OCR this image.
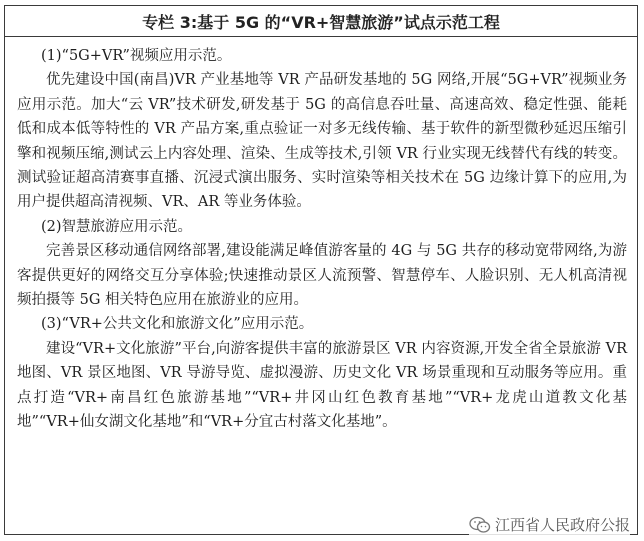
专栏 3:基于 5G 的“VR+智慧旅游”试点示范工程

(1)“5G+VR”视频应用示范。

优先建设中国(南昌)VR 产业基地等 VR 产品研发基地的 5G 网络,开展“5G+VR”视频业务应用示范。加大“云 VR”技术研发,研发基于 5G 的高信息吞吐量、高速高效、稳定性强、能耗低和成本低等特性的 VR 产品方案,重点验证一对多无线传输、基于软件的新型微秒延迟压缩引擎和视频压缩,测试云上内容处理、渲染、生成等技术,引领 VR 行业实现无线替代有线的转变。测试验证超高清赛事直播、沉浸式演出服务、实时渲染等相关技术在 5G 边缘计算下的应用,为用户提供超高清视频、VR、AR 等业务体验。

(2)智慧旅游应用示范。

完善景区移动通信网络部署,建设能满足峰值游客量的 4G 与 5G 共存的移动宽带网络,为游客提供更好的网络交互分享体验;快速推动景区人流预警、智慧停车、人脸识别、无人机高清视频拍摄等 5G 相关特色应用在旅游业的应用。

(3)“VR+公共文化和旅游文化”应用示范。

建设“VR+文化旅游”平台,向游客提供丰富的旅游景区 VR 内容资源,开发全省全景旅游 VR 地图、VR 景区地图、VR 导游导览、虚拟漫游、历史文化 VR 场景重现和互动服务等应用。重点打造“VR+南昌红色旅游基地”“VR+井冈山红色教育基地”“VR+龙虎山道教文化基地”“VR+仙女湖文化基地”和“VR+分宜古村落文化基地”。

江西省人民政府公报
